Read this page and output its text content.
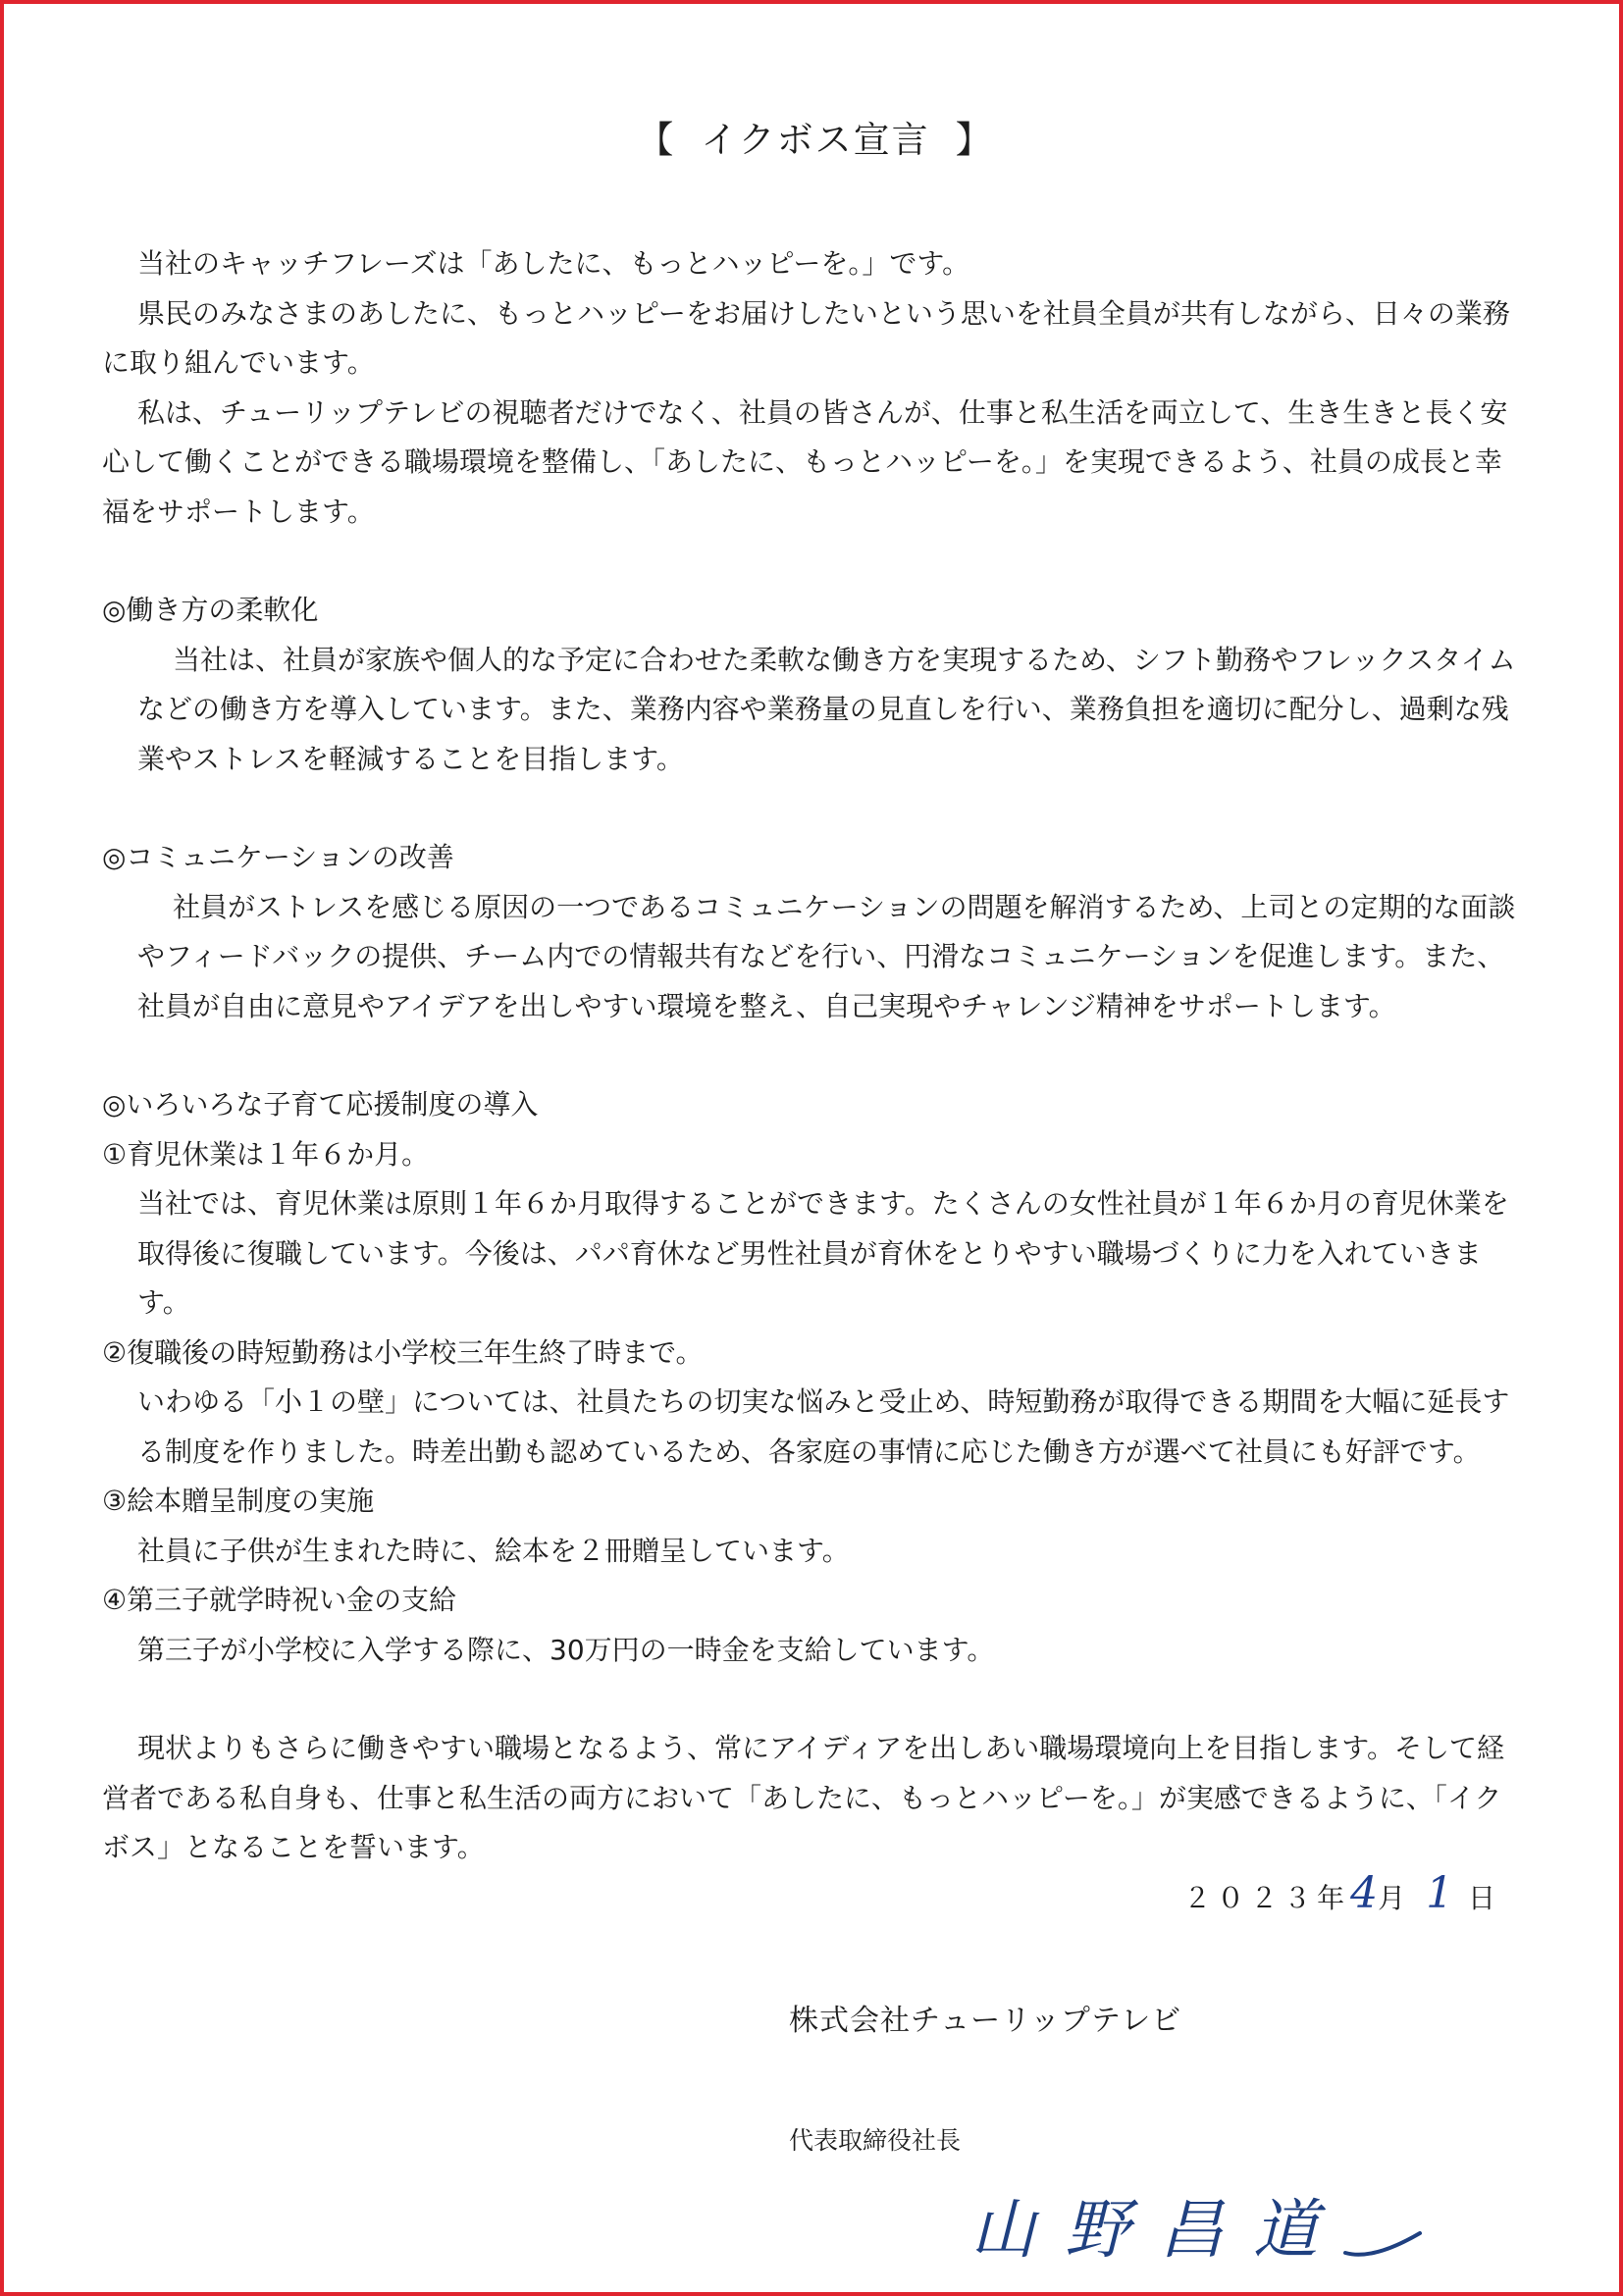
【 イクボス宣言 】

当社のキャッチフレーズは「あしたに、もっとハッピーを。」です。

県民のみなさまのあしたに、もっとハッピーをお届けしたいという思いを社員全員が共有しながら、日々の業務に取り組んでいます。

私は、チューリップテレビの視聴者だけでなく、社員の皆さんが、仕事と私生活を両立して、生き生きと長く安心して働くことができる職場環境を整備し、「あしたに、もっとハッピーを。」を実現できるよう、社員の成長と幸福をサポートします。

◎働き方の柔軟化

当社は、社員が家族や個人的な予定に合わせた柔軟な働き方を実現するため、シフト勤務やフレックスタイムなどの働き方を導入しています。また、業務内容や業務量の見直しを行い、業務負担を適切に配分し、過剰な残業やストレスを軽減することを目指します。

◎コミュニケーションの改善

社員がストレスを感じる原因の一つであるコミュニケーションの問題を解消するため、上司との定期的な面談やフィードバックの提供、チーム内での情報共有などを行い、円滑なコミュニケーションを促進します。また、社員が自由に意見やアイデアを出しやすい環境を整え、自己実現やチャレンジ精神をサポートします。

◎いろいろな子育て応援制度の導入

①育児休業は１年６か月。

当社では、育児休業は原則１年６か月取得することができます。たくさんの女性社員が１年６か月の育児休業を取得後に復職しています。今後は、パパ育休など男性社員が育休をとりやすい職場づくりに力を入れていきます。

②復職後の時短勤務は小学校三年生終了時まで。

いわゆる「小１の壁」については、社員たちの切実な悩みと受止め、時短勤務が取得できる期間を大幅に延長する制度を作りました。時差出勤も認めているため、各家庭の事情に応じた働き方が選べて社員にも好評です。

③絵本贈呈制度の実施

社員に子供が生まれた時に、絵本を２冊贈呈しています。

④第三子就学時祝い金の支給

第三子が小学校に入学する際に、30万円の一時金を支給しています。

現状よりもさらに働きやすい職場となるよう、常にアイディアを出しあい職場環境向上を目指します。そして経営者である私自身も、仕事と私生活の両方において「あしたに、もっとハッピーを。」が実感できるように、「イクボス」となることを誓います。

２０２３年4月 1 日
株式会社チューリップテレビ
代表取締役社長
山野昌道
